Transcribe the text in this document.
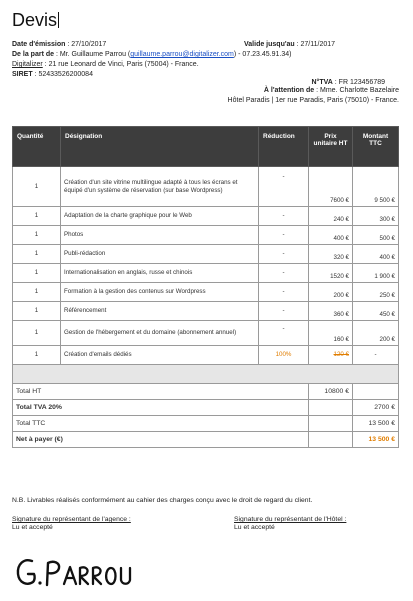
Devis
Date d'émission : 27/10/2017	Valide jusqu'au : 27/11/2017
De la part de : Mr. Guillaume Parrou (guillaume.parrou@digitalizer.com) - 07.23.45.91.34)
Digitalizer : 21 rue Leonard de Vinci, Paris (75004) - France.
SIRET : 52433526200084
N°TVA : FR 123456789
À l'attention de : Mme. Charlotte Bazelaire
Hôtel Paradis | 1er rue Paradis, Paris (75010) - France.
Quantité	Désignation	Réduction	Prix unitaire HT	Montant TTC
1	Création d'un site vitrine multilingue adapté à tous les écrans et équipé d'un système de réservation (sur base Wordpress)	-	7600 €	9 500 €
1	Adaptation de la charte graphique pour le Web	-	240 €	300 €
1	Photos	-	400 €	500 €
1	Publi-rédaction	-	320 €	400 €
1	Internationalisation en anglais, russe et chinois	-	1520 €	1 900 €
1	Formation à la gestion des contenus sur Wordpress	-	200 €	250 €
1	Référencement	-	360 €	450 €
1	Gestion de l'hébergement et du domaine (abonnement annuel)	-	160 €	200 €
1	Création d'emails dédiés	100%	120 €	-

Total HT			10800 €	
Total TVA 20%				2700 €
Total TTC				13 500 €
Net à payer (€)				13 500 €
N.B. Livrables réalisés conformément au cahier des charges conçu avec le droit de regard du client.
Signature du représentant de l'agence :
Lu et accepté
Signature du représentant de l'Hôtel :
Lu et accepté
